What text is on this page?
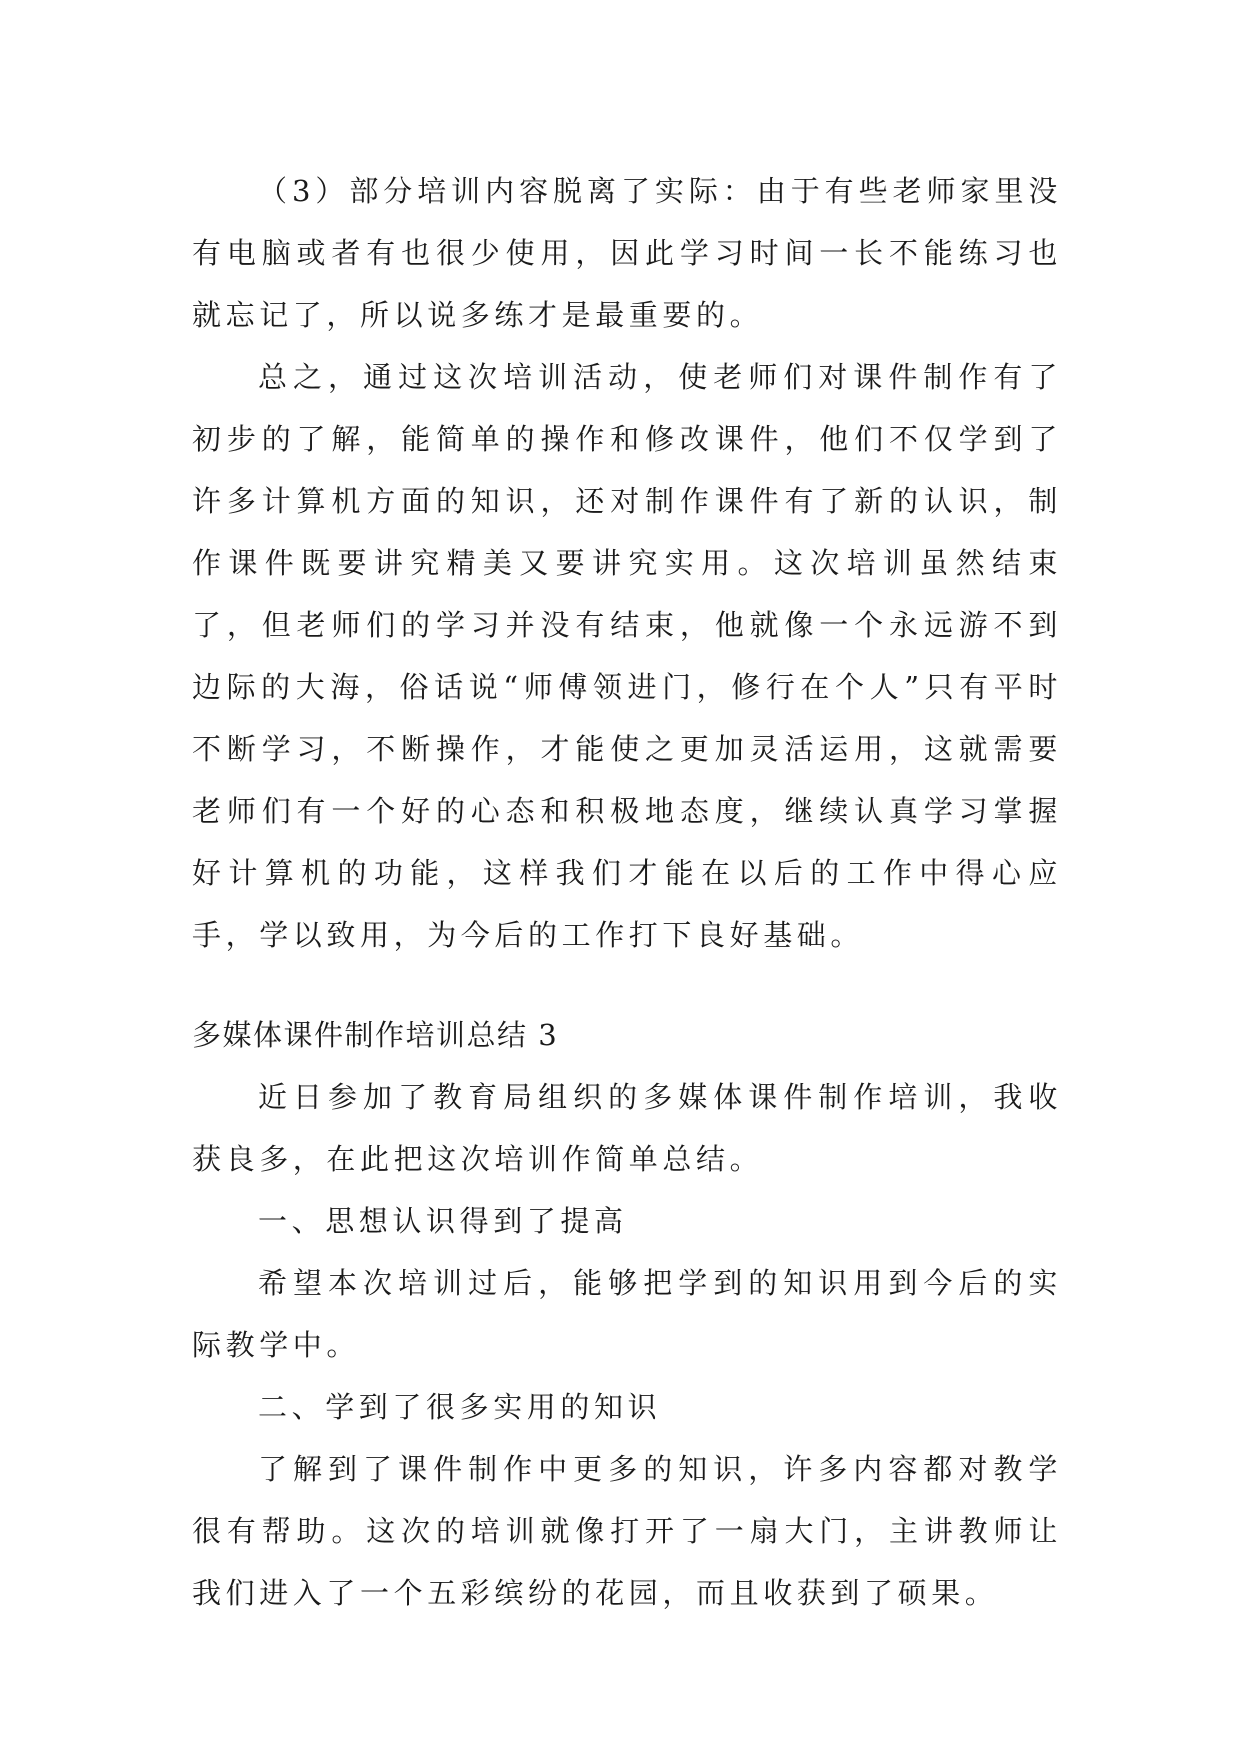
（3）部分培训内容脱离了实际：由于有些老师家里没有电脑或者有也很少使用，因此学习时间一长不能练习也就忘记了，所以说多练才是最重要的。

总之，通过这次培训活动，使老师们对课件制作有了初步的了解，能简单的操作和修改课件，他们不仅学到了许多计算机方面的知识，还对制作课件有了新的认识，制作课件既要讲究精美又要讲究实用。这次培训虽然结束了，但老师们的学习并没有结束，他就像一个永远游不到边际的大海，俗话说“师傅领进门，修行在个人”只有平时不断学习，不断操作，才能使之更加灵活运用，这就需要老师们有一个好的心态和积极地态度，继续认真学习掌握好计算机的功能，这样我们才能在以后的工作中得心应手，学以致用，为今后的工作打下良好基础。

多媒体课件制作培训总结 3

近日参加了教育局组织的多媒体课件制作培训，我收获良多，在此把这次培训作简单总结。

一、思想认识得到了提高

希望本次培训过后，能够把学到的知识用到今后的实际教学中。

二、学到了很多实用的知识

了解到了课件制作中更多的知识，许多内容都对教学很有帮助。这次的培训就像打开了一扇大门，主讲教师让我们进入了一个五彩缤纷的花园，而且收获到了硕果。
